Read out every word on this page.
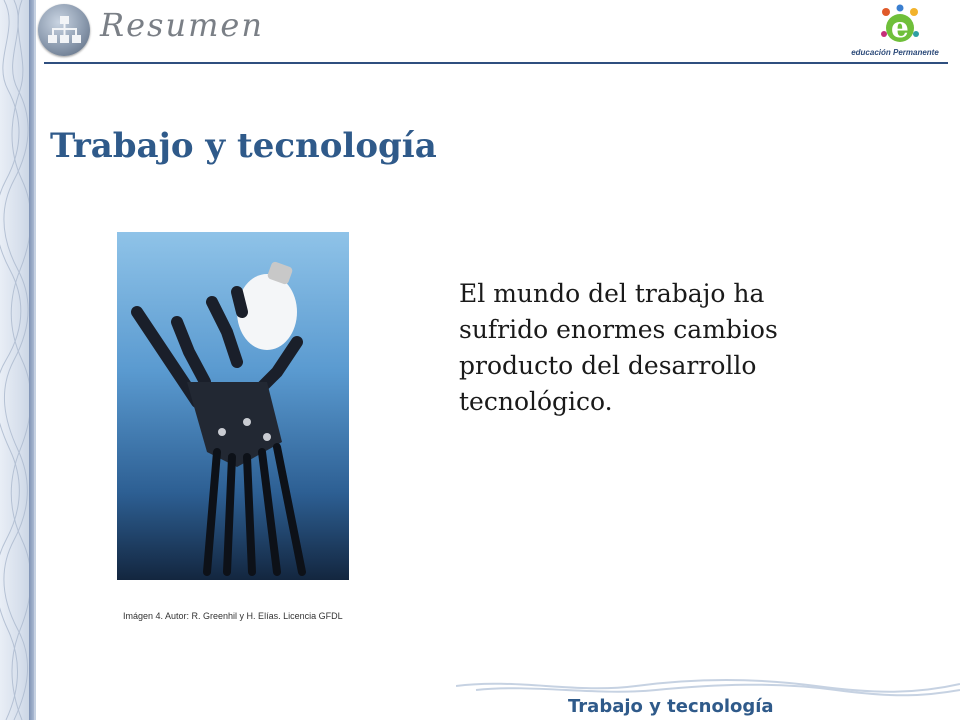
Resumen	e
educación Permanente
Trabajo y tecnología
Imágen 4. Autor: R. Greenhil y H. Elías. Licencia GFDL

El mundo del trabajo ha sufrido enormes cambios producto del desarrollo tecnológico.

Trabajo y tecnología
